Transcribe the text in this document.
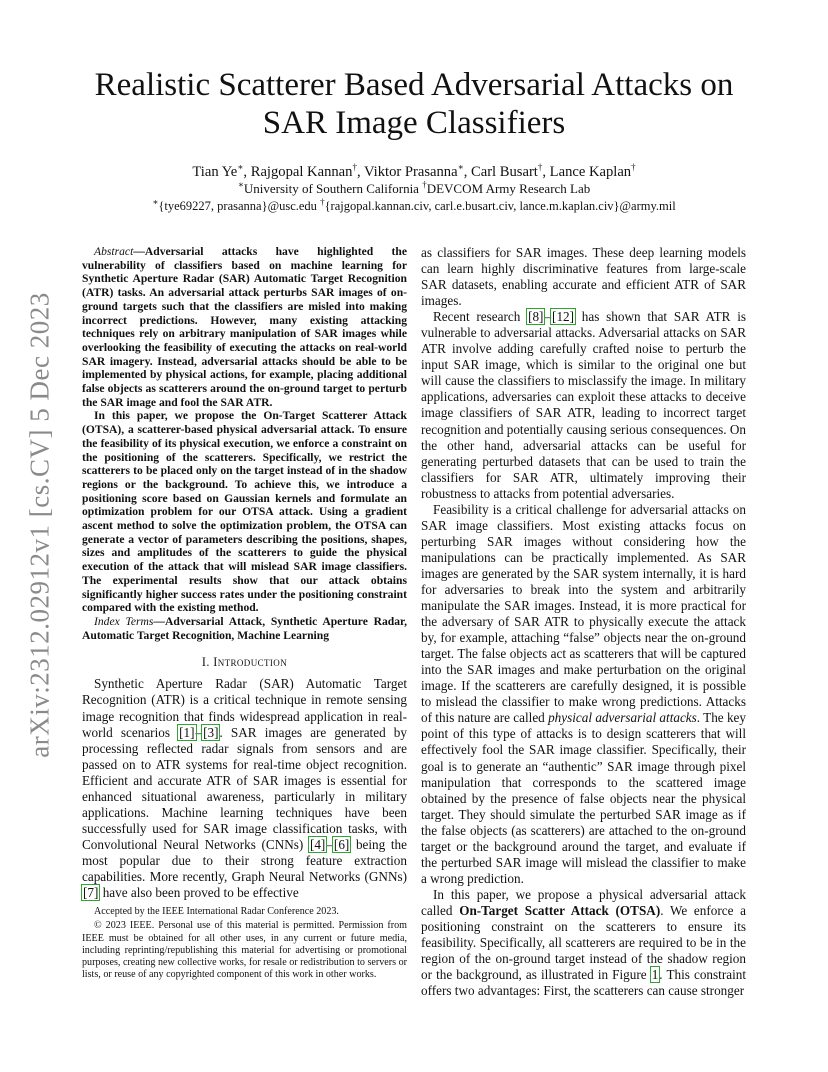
arXiv:2312.02912v1 [cs.CV] 5 Dec 2023
Realistic Scatterer Based Adversarial Attacks on
SAR Image Classifiers
Tian Ye∗, Rajgopal Kannan†, Viktor Prasanna∗, Carl Busart†, Lance Kaplan†
∗University of Southern California †DEVCOM Army Research Lab
∗{tye69227, prasanna}@usc.edu †{rajgopal.kannan.civ, carl.e.busart.civ, lance.m.kaplan.civ}@army.mil

Abstract—Adversarial attacks have highlighted the vulnerability of classifiers based on machine learning for Synthetic Aperture Radar (SAR) Automatic Target Recognition (ATR) tasks. An adversarial attack perturbs SAR images of on-ground targets such that the classifiers are misled into making incorrect predictions. However, many existing attacking techniques rely on arbitrary manipulation of SAR images while overlooking the feasibility of executing the attacks on real-world SAR imagery. Instead, adversarial attacks should be able to be implemented by physical actions, for example, placing additional false objects as scatterers around the on-ground target to perturb the SAR image and fool the SAR ATR.

In this paper, we propose the On-Target Scatterer Attack (OTSA), a scatterer-based physical adversarial attack. To ensure the feasibility of its physical execution, we enforce a constraint on the positioning of the scatterers. Specifically, we restrict the scatterers to be placed only on the target instead of in the shadow regions or the background. To achieve this, we introduce a positioning score based on Gaussian kernels and formulate an optimization problem for our OTSA attack. Using a gradient ascent method to solve the optimization problem, the OTSA can generate a vector of parameters describing the positions, shapes, sizes and amplitudes of the scatterers to guide the physical execution of the attack that will mislead SAR image classifiers. The experimental results show that our attack obtains significantly higher success rates under the positioning constraint compared with the existing method.

Index Terms—Adversarial Attack, Synthetic Aperture Radar, Automatic Target Recognition, Machine Learning

I. Introduction

Synthetic Aperture Radar (SAR) Automatic Target Recognition (ATR) is a critical technique in remote sensing image recognition that finds widespread application in real-world scenarios [1]–[3]. SAR images are generated by processing reflected radar signals from sensors and are passed on to ATR systems for real-time object recognition. Efficient and accurate ATR of SAR images is essential for enhanced situational awareness, particularly in military applications. Machine learning techniques have been successfully used for SAR image classification tasks, with Convolutional Neural Networks (CNNs) [4]–[6] being the most popular due to their strong feature extraction capabilities. More recently, Graph Neural Networks (GNNs) [7] have also been proved to be effective

Accepted by the IEEE International Radar Conference 2023.

© 2023 IEEE. Personal use of this material is permitted. Permission from IEEE must be obtained for all other uses, in any current or future media, including reprinting/republishing this material for advertising or promotional purposes, creating new collective works, for resale or redistribution to servers or lists, or reuse of any copyrighted component of this work in other works.

as classifiers for SAR images. These deep learning models can learn highly discriminative features from large-scale SAR datasets, enabling accurate and efficient ATR of SAR images.

Recent research [8]–[12] has shown that SAR ATR is vulnerable to adversarial attacks. Adversarial attacks on SAR ATR involve adding carefully crafted noise to perturb the input SAR image, which is similar to the original one but will cause the classifiers to misclassify the image. In military applications, adversaries can exploit these attacks to deceive image classifiers of SAR ATR, leading to incorrect target recognition and potentially causing serious consequences. On the other hand, adversarial attacks can be useful for generating perturbed datasets that can be used to train the classifiers for SAR ATR, ultimately improving their robustness to attacks from potential adversaries.

Feasibility is a critical challenge for adversarial attacks on SAR image classifiers. Most existing attacks focus on perturbing SAR images without considering how the manipulations can be practically implemented. As SAR images are generated by the SAR system internally, it is hard for adversaries to break into the system and arbitrarily manipulate the SAR images. Instead, it is more practical for the adversary of SAR ATR to physically execute the attack by, for example, attaching “false” objects near the on-ground target. The false objects act as scatterers that will be captured into the SAR images and make perturbation on the original image. If the scatterers are carefully designed, it is possible to mislead the classifier to make wrong predictions. Attacks of this nature are called physical adversarial attacks. The key point of this type of attacks is to design scatterers that will effectively fool the SAR image classifier. Specifically, their goal is to generate an “authentic” SAR image through pixel manipulation that corresponds to the scattered image obtained by the presence of false objects near the physical target. They should simulate the perturbed SAR image as if the false objects (as scatterers) are attached to the on-ground target or the background around the target, and evaluate if the perturbed SAR image will mislead the classifier to make a wrong prediction.

In this paper, we propose a physical adversarial attack called On-Target Scatter Attack (OTSA). We enforce a positioning constraint on the scatterers to ensure its feasibility. Specifically, all scatterers are required to be in the region of the on-ground target instead of the shadow region or the background, as illustrated in Figure 1. This constraint offers two advantages: First, the scatterers can cause stronger
